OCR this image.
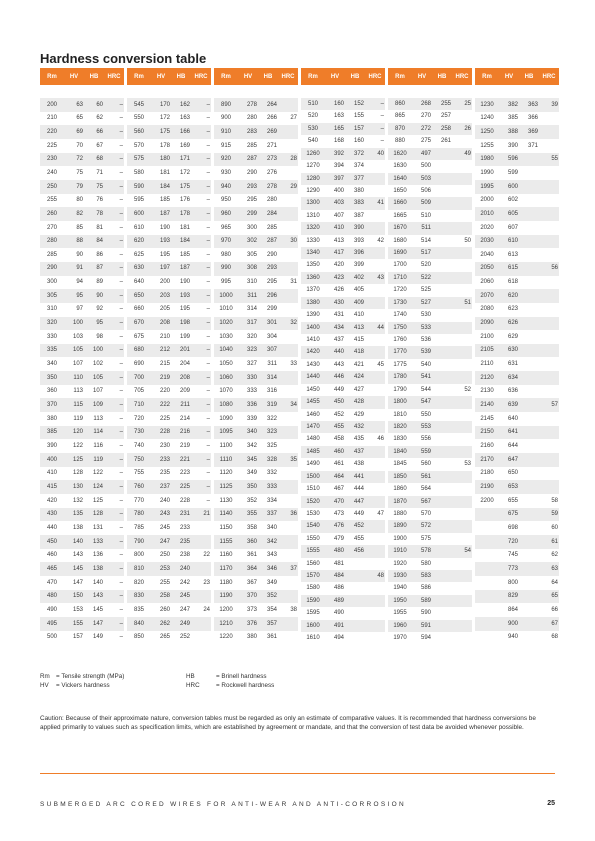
Hardness conversion table
Rm	HV	HB	HRC

200	63	60	–
210	65	62	–
220	69	66	–
225	70	67	–
230	72	68	–
240	75	71	–
250	79	75	–
255	80	76	–
260	82	78	–
270	85	81	–
280	88	84	–
285	90	86	–
290	91	87	–
300	94	89	–
305	95	90	–
310	97	92	–
320	100	95	–
330	103	98	–
335	105	100	–
340	107	102	–
350	110	105	–
360	113	107	–
370	115	109	–
380	119	113	–
385	120	114	–
390	122	116	–
400	125	119	–
410	128	122	–
415	130	124	–
420	132	125	–
430	135	128	–
440	138	131	–
450	140	133	–
460	143	136	–
465	145	138	–
470	147	140	–
480	150	143	–
490	153	145	–
495	155	147	–
500	157	149	–
Rm	HV	HB	HRC

545	170	162	–
550	172	163	–
560	175	166	–
570	178	169	–
575	180	171	–
580	181	172	–
590	184	175	–
595	185	176	–
600	187	178	–
610	190	181	–
620	193	184	–
625	195	185	–
630	197	187	–
640	200	190	–
650	203	193	–
660	205	195	–
670	208	198	–
675	210	199	–
680	212	201	–
690	215	204	–
700	219	208	–
705	220	209	–
710	222	211	–
720	225	214	–
730	228	216	–
740	230	219	–
750	233	221	–
755	235	223	–
760	237	225	–
770	240	228	–
780	243	231	21
785	245	233	
790	247	235	
800	250	238	22
810	253	240	
820	255	242	23
830	258	245	
835	260	247	24
840	262	249	
850	265	252	
Rm	HV	HB	HRC

890	278	264	
900	280	266	27
910	283	269	
915	285	271	
920	287	273	28
930	290	276	
940	293	278	29
950	295	280	
960	299	284	
965	300	285	
970	302	287	30
980	305	290	
990	308	293	
995	310	295	31
1000	311	296	
1010	314	299	
1020	317	301	32
1030	320	304	
1040	323	307	
1050	327	311	33
1060	330	314	
1070	333	316	
1080	336	319	34
1090	339	322	
1095	340	323	
1100	342	325	
1110	345	328	35
1120	349	332	
1125	350	333	
1130	352	334	
1140	355	337	36
1150	358	340	
1155	360	342	
1160	361	343	
1170	364	346	37
1180	367	349	
1190	370	352	
1200	373	354	38
1210	376	357	
1220	380	361	
Rm	HV	HB	HRC

510	160	152	–
520	163	155	–
530	165	157	–
540	168	160	–
1260	392	372	40
1270	394	374	
1280	397	377	
1290	400	380	
1300	403	383	41
1310	407	387	
1320	410	390	
1330	413	393	42
1340	417	396	
1350	420	399	
1360	423	402	43
1370	426	405	
1380	430	409	
1390	431	410	
1400	434	413	44
1410	437	415	
1420	440	418	
1430	443	421	45
1440	446	424	
1450	449	427	
1455	450	428	
1460	452	429	
1470	455	432	
1480	458	435	46
1485	460	437	
1490	461	438	
1500	464	441	
1510	467	444	
1520	470	447	
1530	473	449	47
1540	476	452	
1550	479	455	
1555	480	456	
1560	481		
1570	484		48
1580	486		
1590	489		
1595	490		
1600	491		
1610	494		
Rm	HV	HB	HRC

860	268	255	25
865	270	257	
870	272	258	26
880	275	261	
1620	497		49
1630	500		
1640	503		
1650	506		
1660	509		
1665	510		
1670	511		
1680	514		50
1690	517		
1700	520		
1710	522		
1720	525		
1730	527		51
1740	530		
1750	533		
1760	536		
1770	539		
1775	540		
1780	541		
1790	544		52
1800	547		
1810	550		
1820	553		
1830	556		
1840	559		
1845	560		53
1850	561		
1860	564		
1870	567		
1880	570		
1890	572		
1900	575		
1910	578		54
1920	580		
1930	583		
1940	586		
1950	589		
1955	590		
1960	591		
1970	594		
Rm	HV	HB	HRC

1230	382	363	39
1240	385	366	
1250	388	369	
1255	390	371	
1980	596		55
1990	599		
1995	600		
2000	602		
2010	605		
2020	607		
2030	610		
2040	613		
2050	615		56
2060	618		
2070	620		
2080	623		
2090	626		
2100	629		
2105	630		
2110	631		
2120	634		
2130	636		
2140	639		57
2145	640		
2150	641		
2160	644		
2170	647		
2180	650		
2190	653		
2200	655		58
	675		59
	698		60
	720		61
	745		62
	773		63
	800		64
	829		65
	864		66
	900		67
	940		68
Rm = Tensile strength (MPa)	HB	= Brinell hardness
HV	= Vickers hardness	HRC	= Rockwell hardness

Caution: Because of their approximate nature, conversion tables must be regarded as only an estimate of comparative values. It is recommended that hardness conversions be applied primarily to values such as specification limits, which are established by agreement or mandate, and that the conversion of test data be avoided whenever possible.

SUBMERGED ARC CORED WIRES FOR ANTI-WEAR AND ANTI-CORROSION	25
